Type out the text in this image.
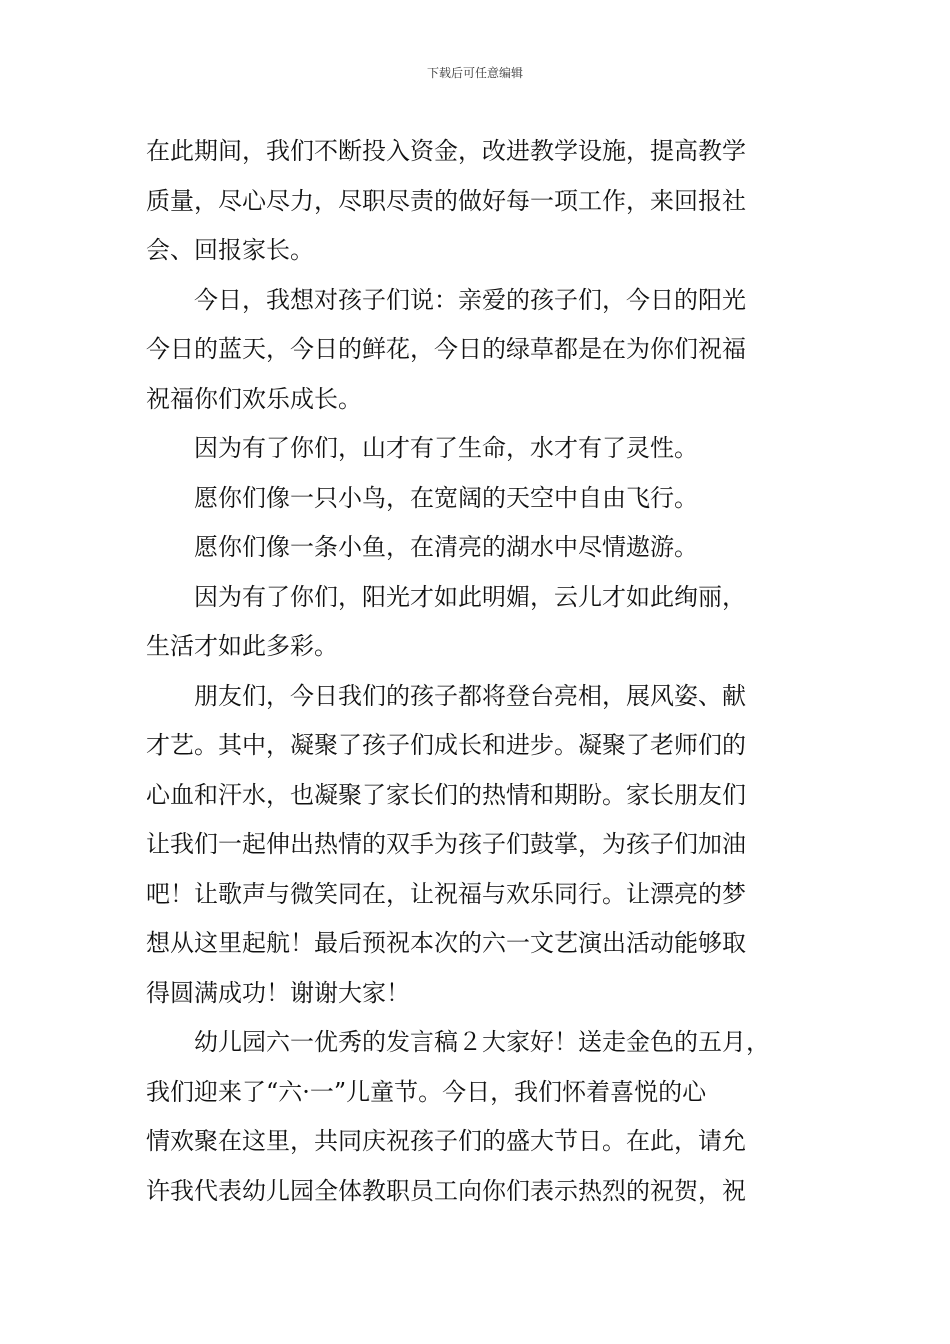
下载后可任意编辑
在此期间，我们不断投入资金，改进教学设施，提高教学
质量，尽心尽力，尽职尽责的做好每一项工作，来回报社
会、回报家长。
今日，我想对孩子们说：亲爱的孩子们，今日的阳光
今日的蓝天，今日的鲜花，今日的绿草都是在为你们祝福
祝福你们欢乐成长。
因为有了你们，山才有了生命，水才有了灵性。
愿你们像一只小鸟，在宽阔的天空中自由飞行。
愿你们像一条小鱼，在清亮的湖水中尽情遨游。
因为有了你们，阳光才如此明媚，云儿才如此绚丽，
生活才如此多彩。
朋友们，今日我们的孩子都将登台亮相，展风姿、献
才艺。其中，凝聚了孩子们成长和进步。凝聚了老师们的
心血和汗水，也凝聚了家长们的热情和期盼。家长朋友们
让我们一起伸出热情的双手为孩子们鼓掌，为孩子们加油
吧！让歌声与微笑同在，让祝福与欢乐同行。让漂亮的梦
想从这里起航！最后预祝本次的六一文艺演出活动能够取
得圆满成功！谢谢大家！
幼儿园六一优秀的发言稿２大家好！送走金色的五月，
我们迎来了“六·一”儿童节。今日，我们怀着喜悦的心
情欢聚在这里，共同庆祝孩子们的盛大节日。在此，请允
许我代表幼儿园全体教职员工向你们表示热烈的祝贺，祝
